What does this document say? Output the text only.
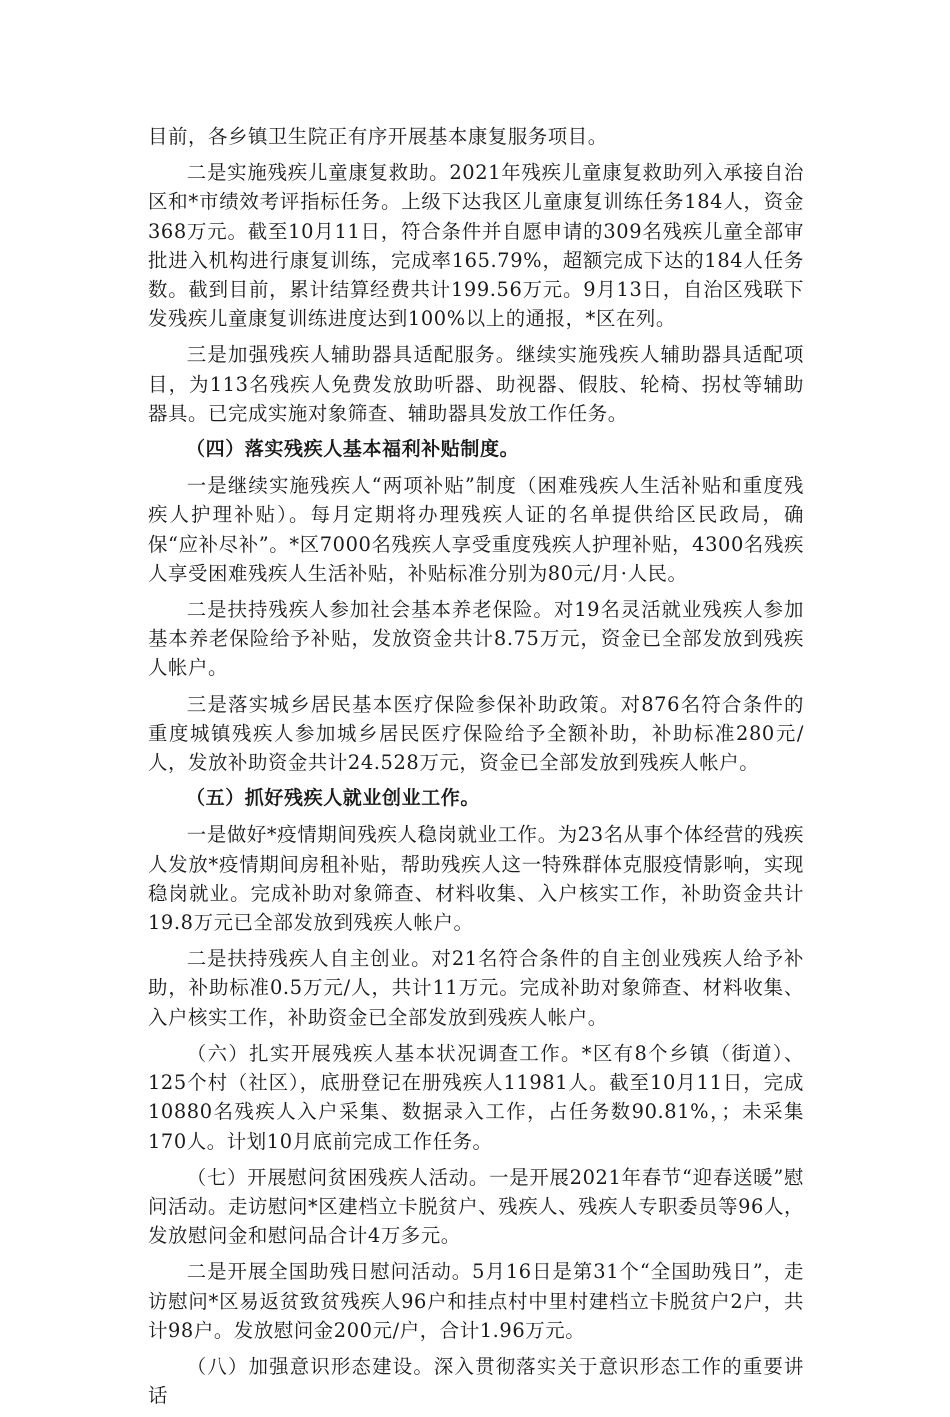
目前，各乡镇卫生院正有序开展基本康复服务项目。

二是实施残疾儿童康复救助。2021年残疾儿童康复救助列入承接自治区和*市绩效考评指标任务。上级下达我区儿童康复训练任务184人，资金368万元。截至10月11日，符合条件并自愿申请的309名残疾儿童全部审批进入机构进行康复训练，完成率165.79%，超额完成下达的184人任务数。截到目前，累计结算经费共计199.56万元。9月13日，自治区残联下发残疾儿童康复训练进度达到100%以上的通报，*区在列。

三是加强残疾人辅助器具适配服务。继续实施残疾人辅助器具适配项目，为113名残疾人免费发放助听器、助视器、假肢、轮椅、拐杖等辅助器具。已完成实施对象筛查、辅助器具发放工作任务。

（四）落实残疾人基本福利补贴制度。

一是继续实施残疾人“两项补贴”制度（困难残疾人生活补贴和重度残疾人护理补贴）。每月定期将办理残疾人证的名单提供给区民政局，确保“应补尽补”。*区7000名残疾人享受重度残疾人护理补贴，4300名残疾人享受困难残疾人生活补贴，补贴标准分别为80元/月·人民。

二是扶持残疾人参加社会基本养老保险。对19名灵活就业残疾人参加基本养老保险给予补贴，发放资金共计8.75万元，资金已全部发放到残疾人帐户。

三是落实城乡居民基本医疗保险参保补助政策。对876名符合条件的重度城镇残疾人参加城乡居民医疗保险给予全额补助，补助标准280元/人，发放补助资金共计24.528万元，资金已全部发放到残疾人帐户。

（五）抓好残疾人就业创业工作。

一是做好*疫情期间残疾人稳岗就业工作。为23名从事个体经营的残疾人发放*疫情期间房租补贴，帮助残疾人这一特殊群体克服疫情影响，实现稳岗就业。完成补助对象筛查、材料收集、入户核实工作，补助资金共计19.8万元已全部发放到残疾人帐户。

二是扶持残疾人自主创业。对21名符合条件的自主创业残疾人给予补助，补助标准0.5万元/人，共计11万元。完成补助对象筛查、材料收集、入户核实工作，补助资金已全部发放到残疾人帐户。

（六）扎实开展残疾人基本状况调查工作。*区有8个乡镇（街道）、125个村（社区），底册登记在册残疾人11981人。截至10月11日，完成10880名残疾人入户采集、数据录入工作，占任务数90.81%，；未采集170人。计划10月底前完成工作任务。

（七）开展慰问贫困残疾人活动。一是开展2021年春节“迎春送暖”慰问活动。走访慰问*区建档立卡脱贫户、残疾人、残疾人专职委员等96人，发放慰问金和慰问品合计4万多元。

二是开展全国助残日慰问活动。5月16日是第31个“全国助残日”，走访慰问*区易返贫致贫残疾人96户和挂点村中里村建档立卡脱贫户2户，共计98户。发放慰问金200元/户，合计1.96万元。

（八）加强意识形态建设。深入贯彻落实关于意识形态工作的重要讲话
